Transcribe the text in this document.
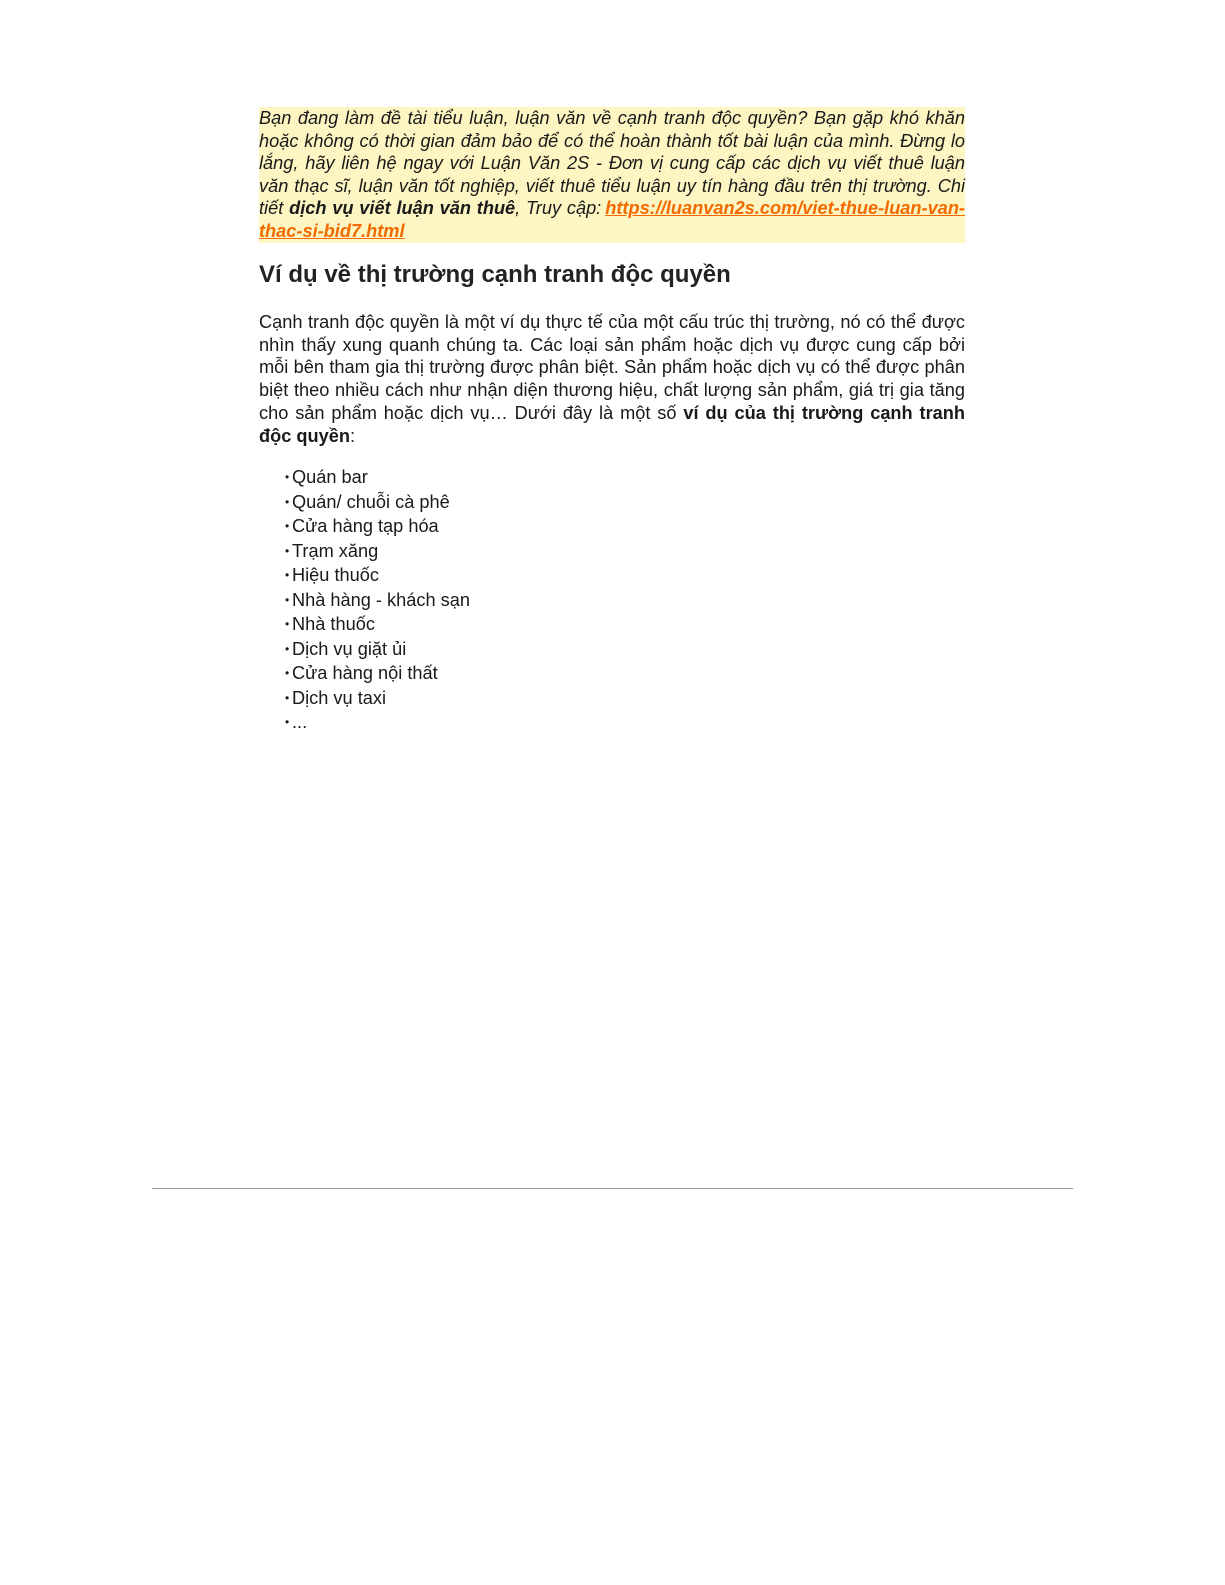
Bạn đang làm đề tài tiểu luận, luận văn về cạnh tranh độc quyền? Bạn gặp khó khăn hoặc không có thời gian đảm bảo để có thể hoàn thành tốt bài luận của mình. Đừng lo lắng, hãy liên hệ ngay với Luận Văn 2S - Đơn vị cung cấp các dịch vụ viết thuê luận văn thạc sĩ, luận văn tốt nghiệp, viết thuê tiểu luận uy tín hàng đầu trên thị trường. Chi tiết dịch vụ viết luận văn thuê, Truy cập: https://luanvan2s.com/viet-thue-luan-van-thac-si-bid7.html
Ví dụ về thị trường cạnh tranh độc quyền

Cạnh tranh độc quyền là một ví dụ thực tế của một cấu trúc thị trường, nó có thể được nhìn thấy xung quanh chúng ta. Các loại sản phẩm hoặc dịch vụ được cung cấp bởi mỗi bên tham gia thị trường được phân biệt. Sản phẩm hoặc dịch vụ có thể được phân biệt theo nhiều cách như nhận diện thương hiệu, chất lượng sản phẩm, giá trị gia tăng cho sản phẩm hoặc dịch vụ… Dưới đây là một số ví dụ của thị trường cạnh tranh độc quyền:

• Quán bar
• Quán/ chuỗi cà phê
• Cửa hàng tạp hóa
• Trạm xăng
• Hiệu thuốc
• Nhà hàng - khách sạn
• Nhà thuốc
• Dịch vụ giặt ủi
• Cửa hàng nội thất
• Dịch vụ taxi
• ...
